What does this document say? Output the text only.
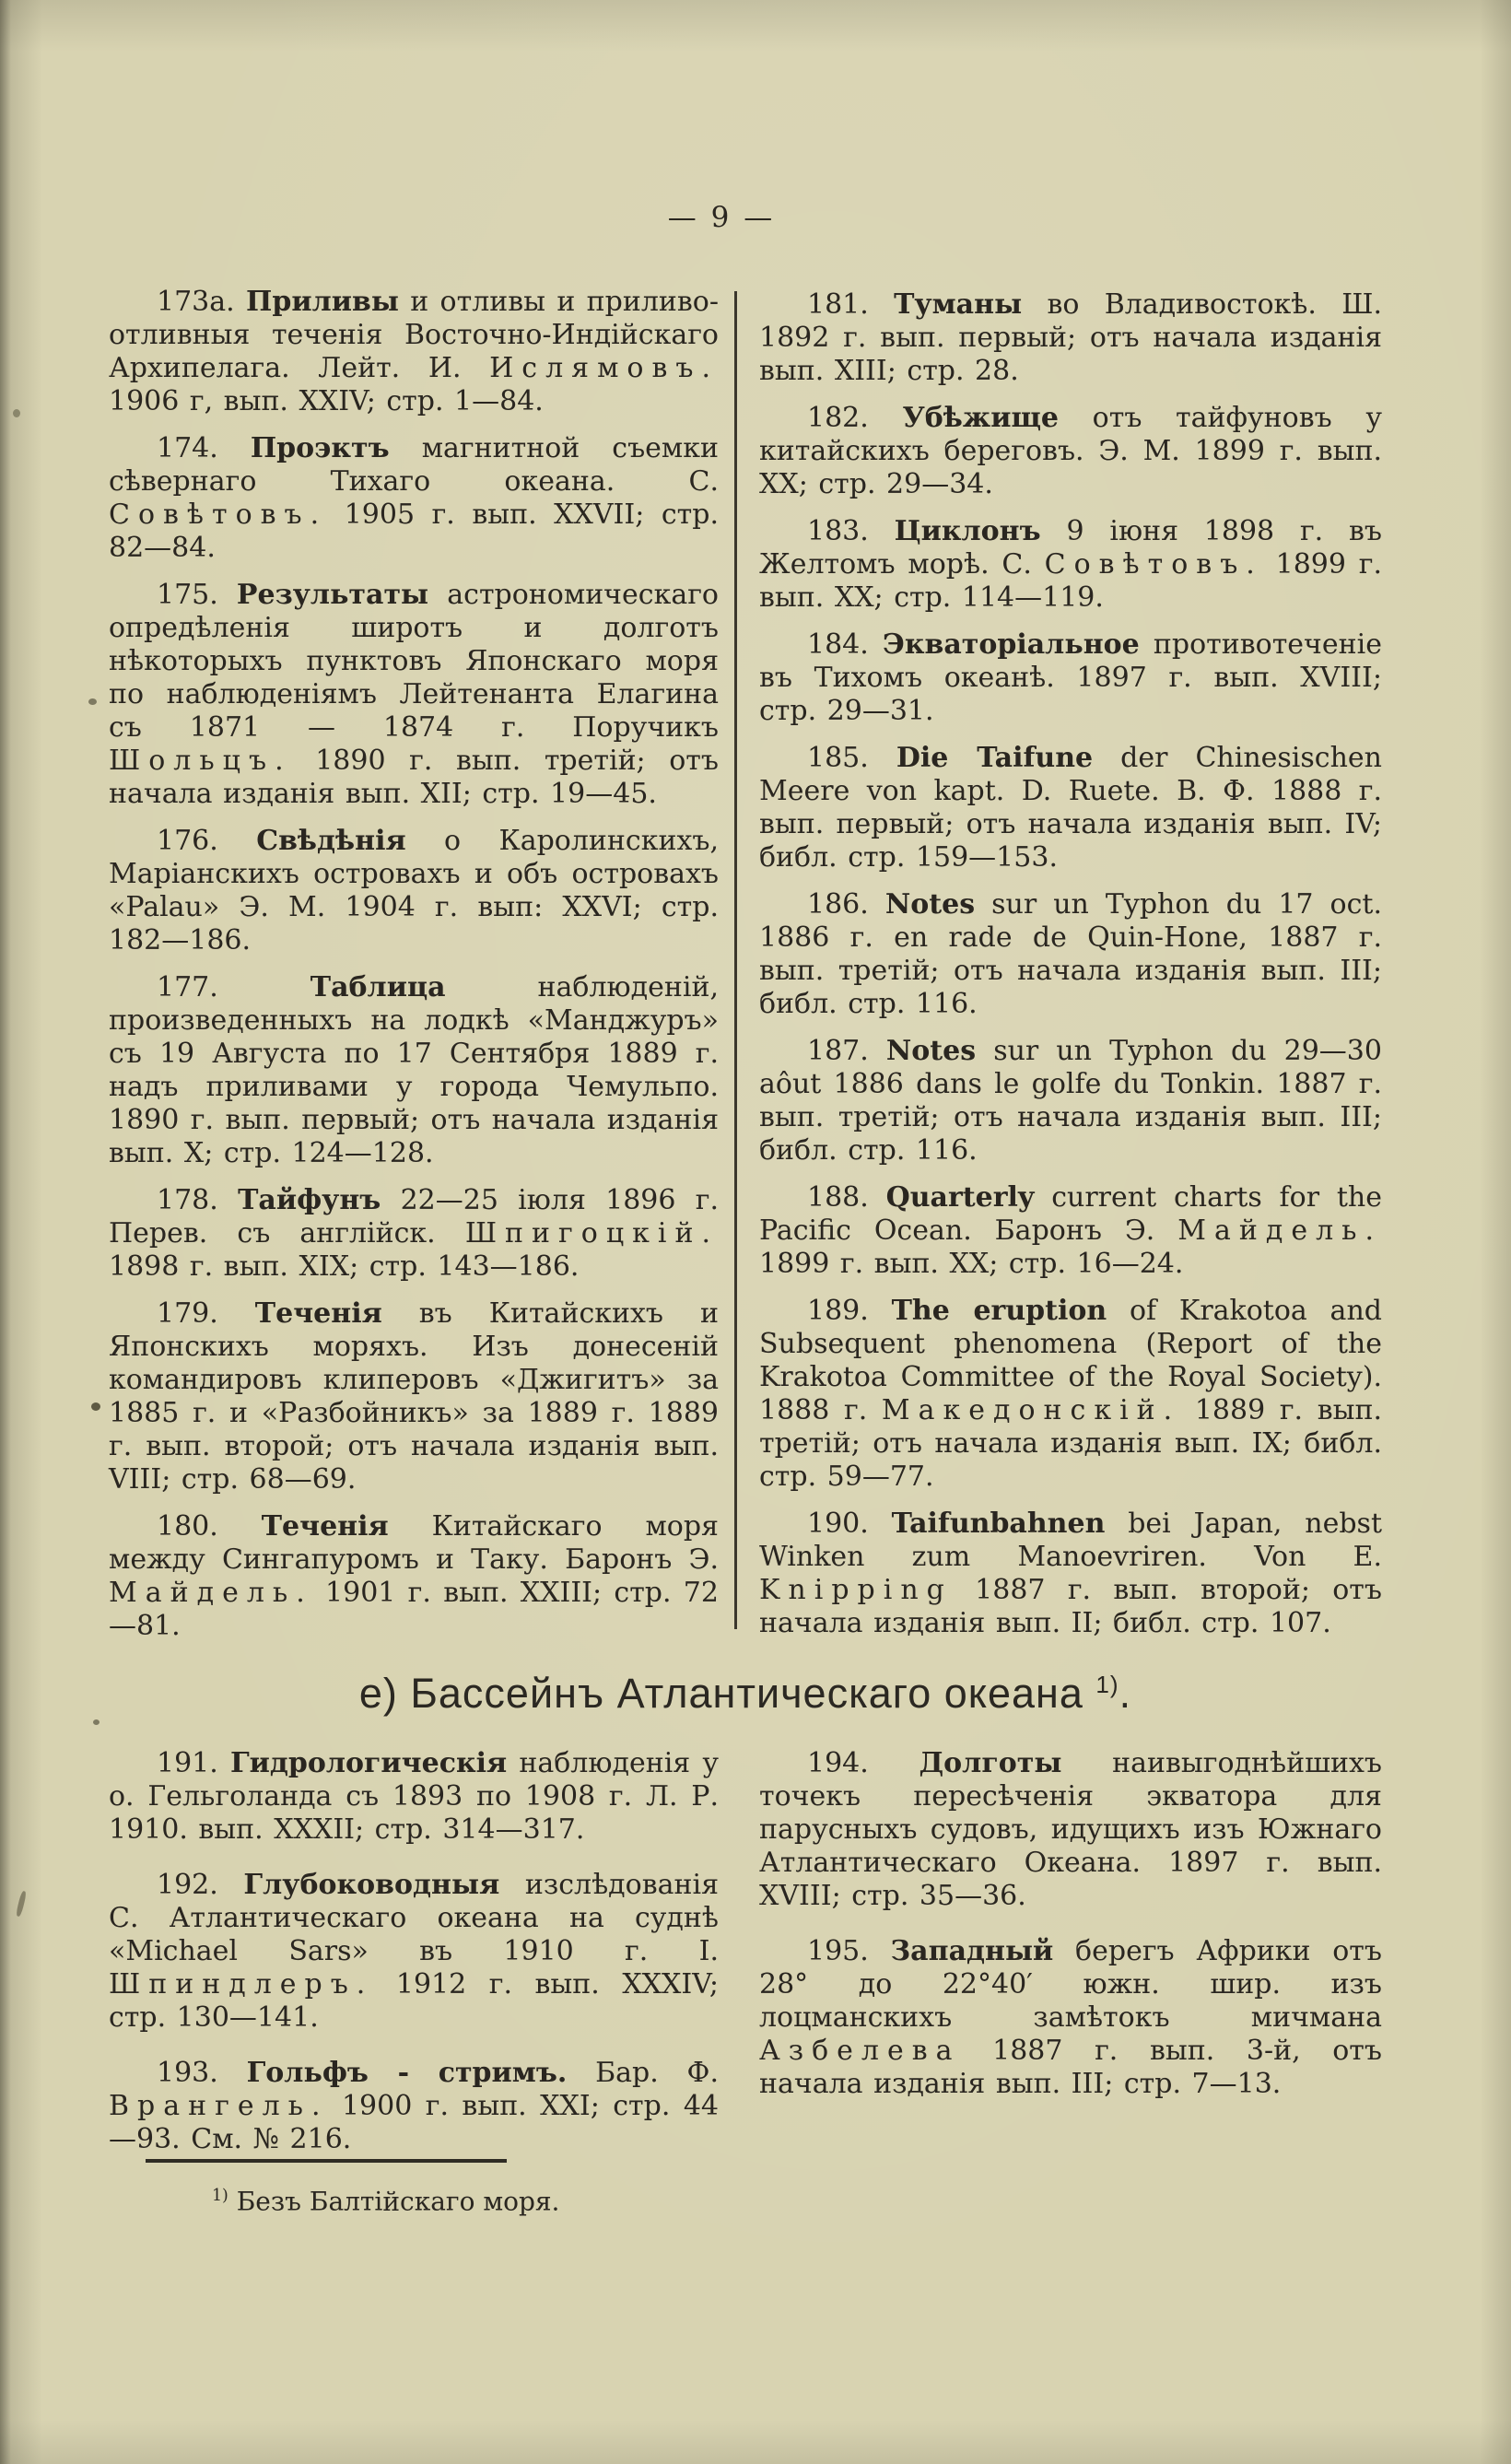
— 9 —

173а. Приливы и отливы и приливо-отливныя теченія Восточно-Индійскаго Архипелага. Лейт. И. Ислямовъ. 1906 г, вып. XXIV; стр. 1—84.

174. Проэктъ магнитной съемки сѣвернаго Тихаго океана. С. Совѣтовъ. 1905 г. вып. XXVII; стр. 82—84.

175. Результаты астрономическаго опредѣленія широтъ и долготъ нѣкоторыхъ пунктовъ Японскаго моря по наблюденіямъ Лейтенанта Елагина съ 1871 — 1874 г. Поручикъ Шольцъ. 1890 г. вып. третій; отъ начала изданія вып. XII; стр. 19—45.

176. Свѣдѣнія о Каролинскихъ, Маріанскихъ островахъ и объ островахъ «Palau» Э. М. 1904 г. вып: XXVI; стр. 182—186.

177.	Таблица	наблюденій, произведенныхъ на лодкѣ «Манджуръ» съ 19 Августа по 17 Сентября 1889 г. надъ приливами у города Чемульпо. 1890 г. вып. первый; отъ начала изданія вып. X; стр. 124—128.

178. Тайфунъ 22—25 іюля 1896 г. Перев. съ англійск. Шпигоцкій. 1898 г. вып. XIX; стр. 143—186.

179. Теченія въ Китайскихъ и Японскихъ моряхъ. Изъ донесеній командировъ клиперовъ «Джигитъ» за 1885 г. и «Разбойникъ» за 1889 г. 1889 г. вып. второй; отъ начала изданія вып. VIII; стр. 68—69.

180. Теченія Китайскаго моря между Сингапуромъ и Таку. Баронъ Э. Майдель. 1901 г. вып. XXIII; стр. 72—81.

181. Туманы во Владивостокѣ. Ш. 1892 г. вып. первый; отъ начала изданія вып. XIII; стр. 28.

182. Убѣжище отъ тайфуновъ у китайскихъ береговъ. Э. М. 1899 г. вып. XX; стр. 29—34.

183. Циклонъ 9 іюня 1898 г. въ Желтомъ морѣ. С. Совѣтовъ. 1899 г. вып. XX; стр. 114—119.

184. Экваторіальное противотеченіе въ Тихомъ океанѣ. 1897 г. вып. XVIII; стр. 29—31.

185. Die Taifune der Chinesischen Meere von kapt. D. Ruete. В. Ф. 1888 г. вып. первый; отъ начала изданія вып. IV; библ. стр. 159—153.

186. Notes sur un Typhon du 17 oct. 1886 г. en rade de Quin-Hone, 1887 г. вып. третій; отъ начала изданія вып. III; библ. стр. 116.

187. Notes sur un Typhon du 29—30 aôut 1886 dans le golfe du Tonkin. 1887 г. вып. третій; отъ начала изданія вып. III; библ. стр. 116.

188. Quarterly current charts for the Pacific Ocean. Баронъ Э. Майдель. 1899 г. вып. XX; стр. 16—24.

189. The eruption of Krakotoa and Subsequent phenomena (Report of the Krakotoa Committee of the Royal Society). 1888 г. Македонскій. 1889 г. вып. третій; отъ начала изданія вып. IX; библ. стр. 59—77.

190. Taifunbahnen bei Japan, nebst Winken zum Manoevriren. Von E. Knipping 1887 г. вып. второй; отъ начала изданія вып. II; библ. стр. 107.

е) Бассейнъ Атлантическаго океана $^{1)}$.

191. Гидрологическія наблюденія у о. Гельголанда съ 1893 по 1908 г. Л. Р. 1910. вып. XXXII; стр. 314—317.

192. Глубоководныя изслѣдованія С. Атлантическаго океана на суднѣ «Michael Sars» въ 1910 г. І. Шпиндлеръ. 1912 г. вып. XXXIV; стр. 130—141.

193. Гольфъ - стримъ. Бар. Ф. Врангель. 1900 г. вып. XXI; стр. 44—93. См. № 216.

194. Долготы наивыгоднѣйшихъ точекъ пересѣченія экватора для парусныхъ судовъ, идущихъ изъ Южнаго Атлантическаго Океана. 1897 г. вып. XVIII; стр. 35—36.

195. Западный берегъ Африки отъ 28° до 22°40′ южн. шир. изъ лоцманскихъ замѣтокъ мичмана Азбелева 1887 г. вып. 3-й, отъ начала изданія вып. III; стр. 7—13.

$^{1)}$ Безъ Балтійскаго моря.
